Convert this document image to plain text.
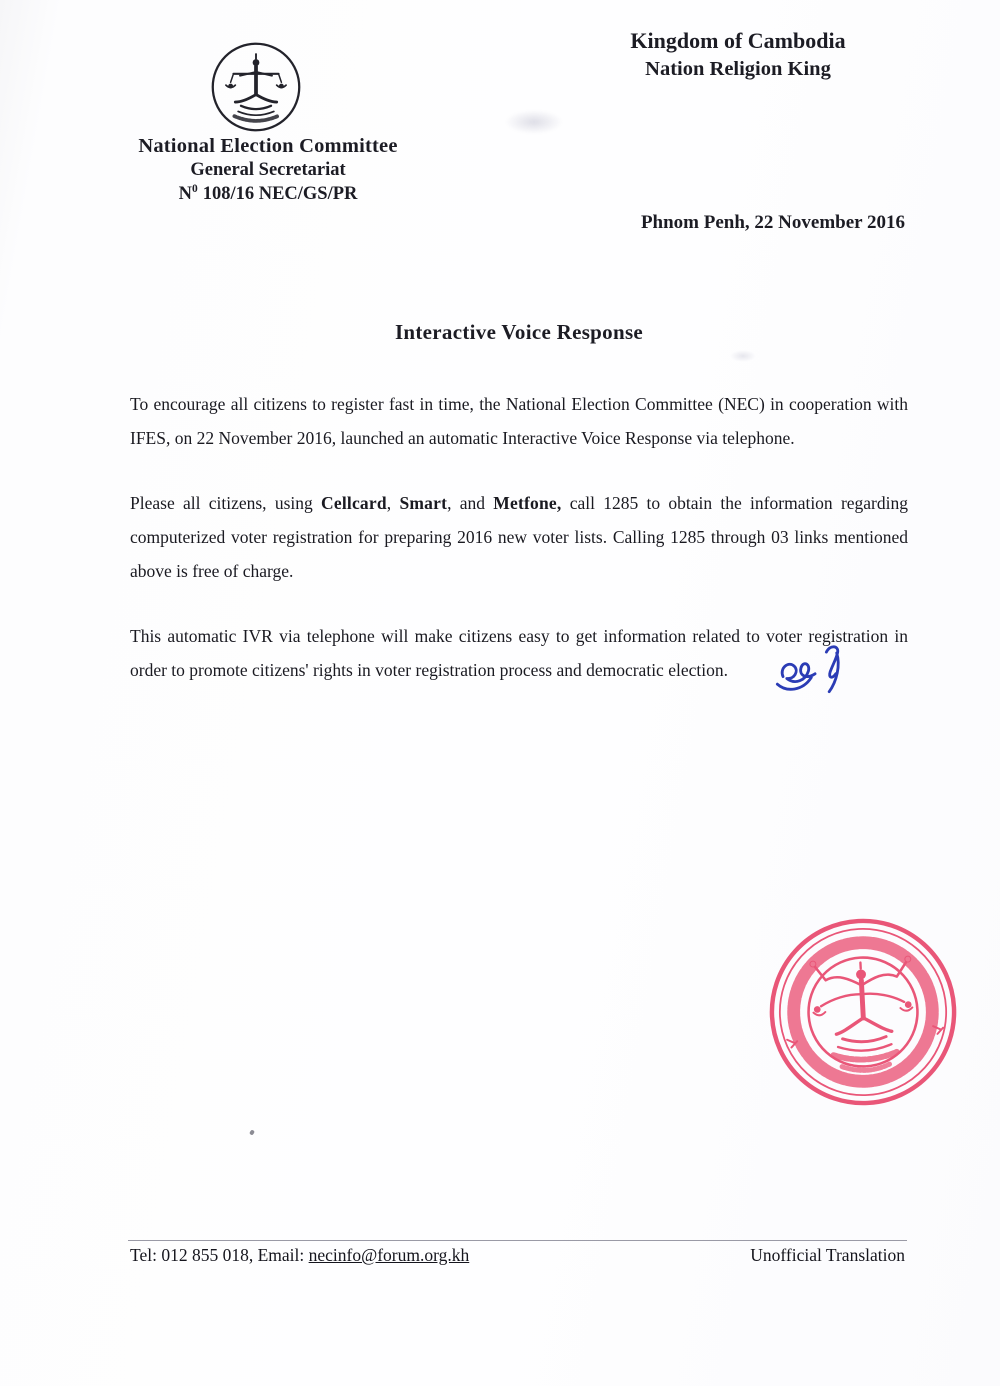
National Election Committee
General Secretariat
$N^0$ 108/16 NEC/GS/PR
Kingdom of Cambodia
Nation Religion King
Phnom Penh, 22 November 2016
Interactive Voice Response

To encourage all citizens to register fast in time, the National Election Committee (NEC) in cooperation with IFES, on 22 November 2016, launched an automatic Interactive Voice Response via telephone.

Please all citizens, using Cellcard, Smart, and Metfone, call 1285 to obtain the information regarding computerized voter registration for preparing 2016 new voter lists. Calling 1285 through 03 links mentioned above is free of charge.

This automatic IVR via telephone will make citizens easy to get information related to voter registration in order to promote citizens' rights in voter registration process and democratic election.

Tel: 012 855 018, Email: necinfo@forum.org.kh	Unofficial Translation
